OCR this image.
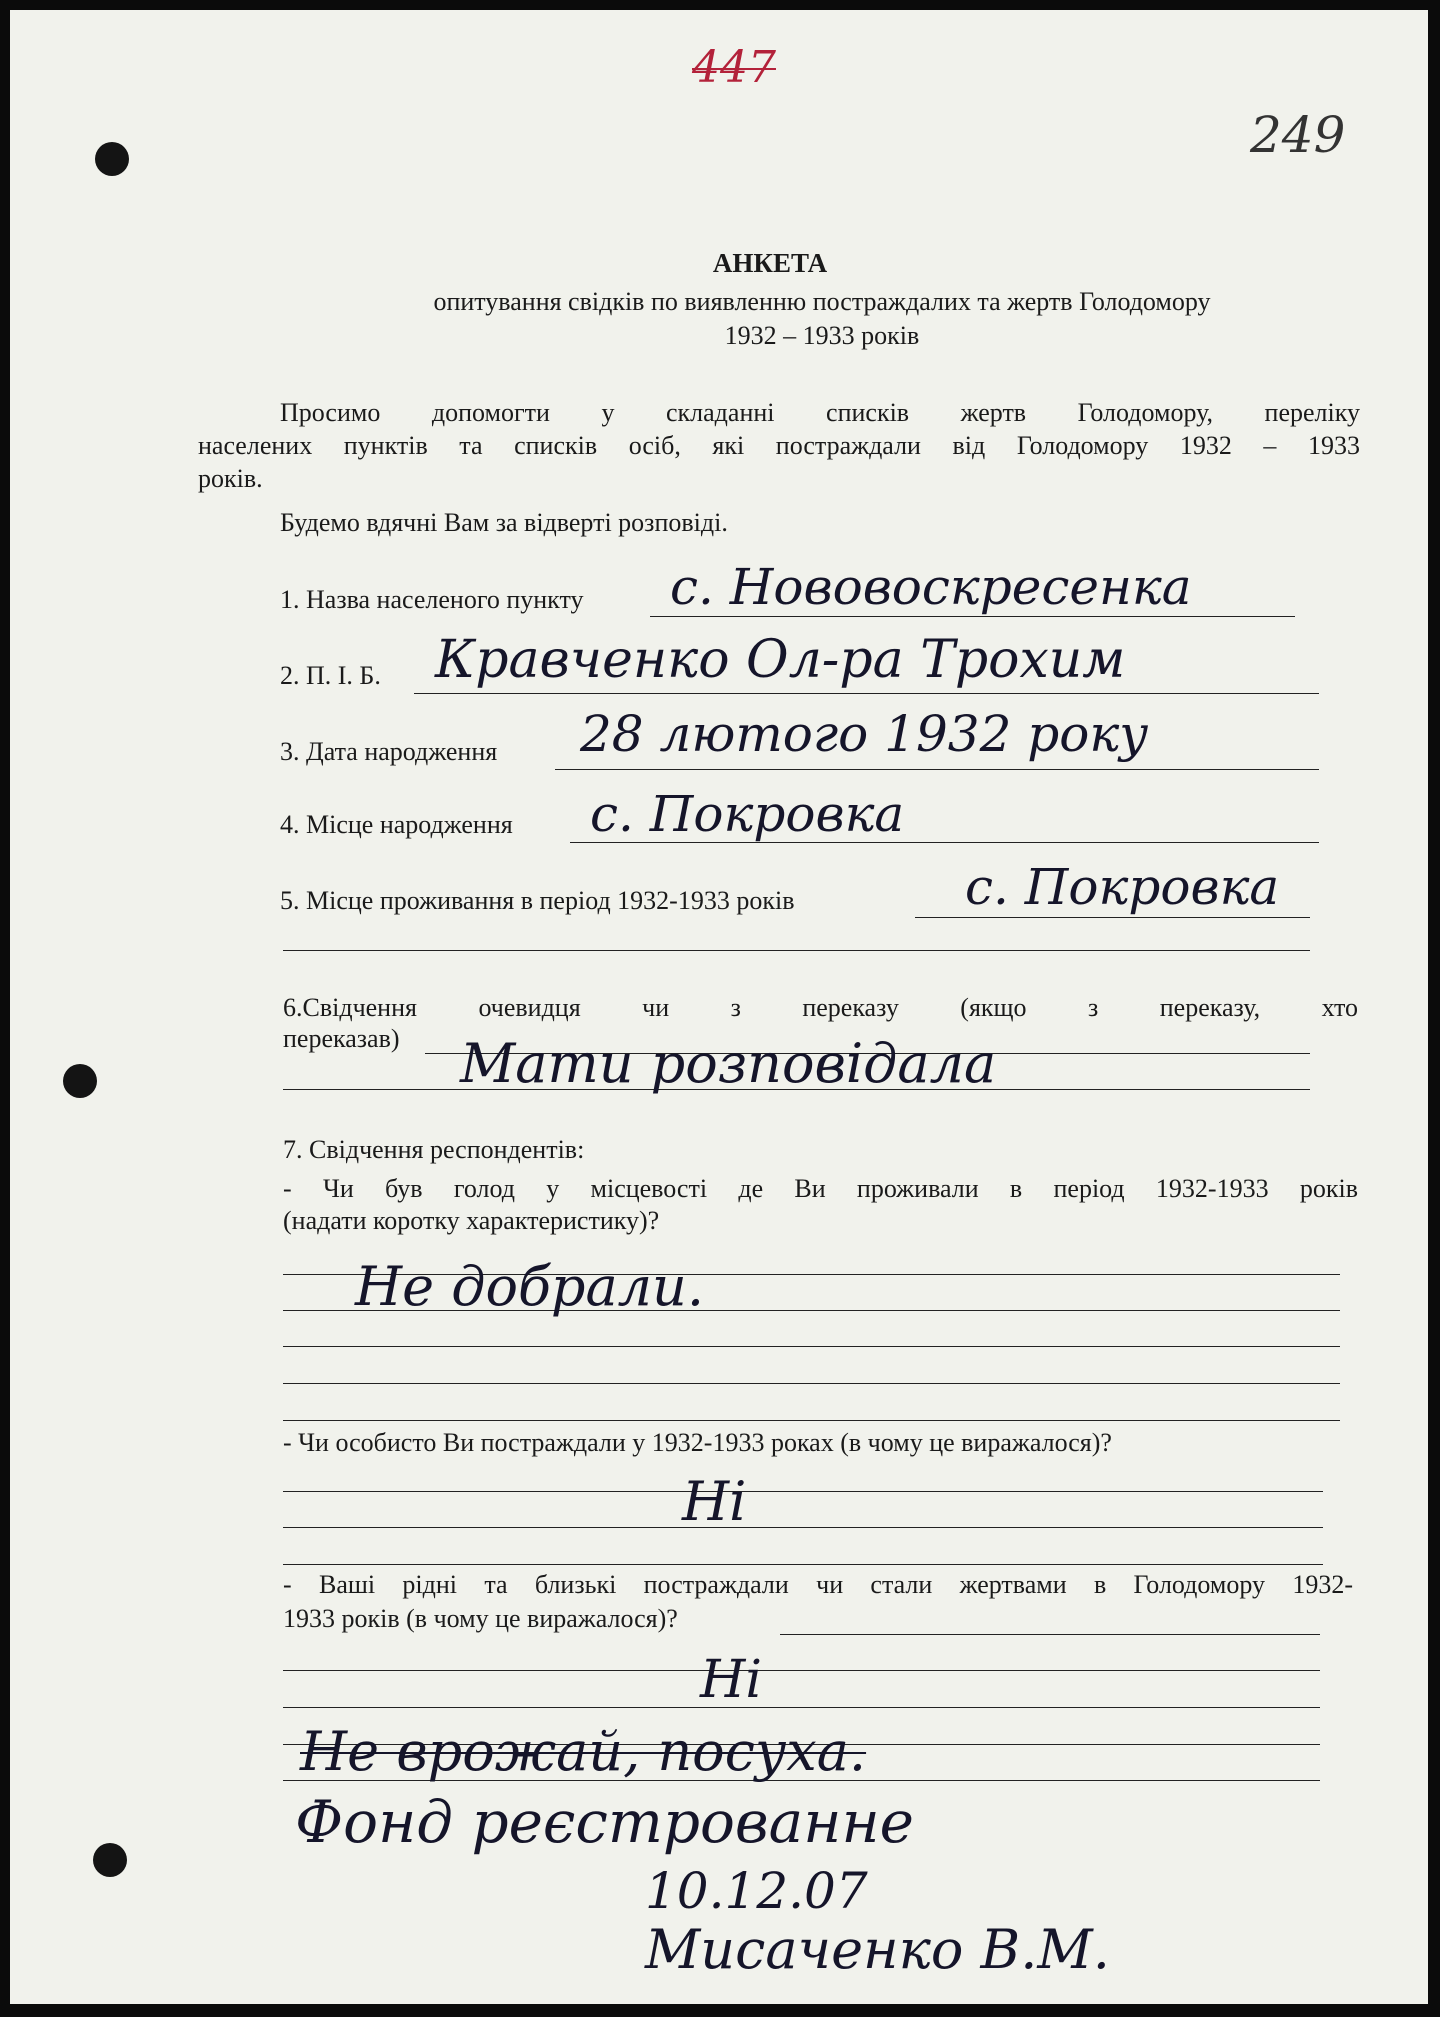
447
249
АНКЕТА
опитування свідків по виявленню постраждалих та жертв Голодомору
1932 – 1933 років
Просимо допомогти у складанні списків жертв Голодомору, переліку
населених пунктів та списків осіб, які постраждали від Голодомору 1932 – 1933
років.
Будемо вдячні Вам за відверті розповіді.
1. Назва населеного пункту с. Нововоскресенка
2. П. І. Б. Кравченко Ол-ра Трохим
3. Дата народження 28 лютого 1932 року
4. Місце народження с. Покровка
5. Місце проживання в період 1932-1933 років	с. Покровка
6.Свідчення очевидця чи з переказу (якщо з переказу, хто
переказав) Мати розповідала
7. Свідчення респондентів:
- Чи був голод у місцевості де Ви проживали в період 1932-1933 років
(надати коротку характеристику)?
Не добрали.
- Чи особисто Ви постраждали у 1932-1933 роках (в чому це виражалося)?
Ні
- Ваші рідні та близькі постраждали чи стали жертвами в Голодомору 1932-
1933 років (в чому це виражалося)?
Ні
Не врожай, посуха.
Фонд реєстрованне
10.12.07
Мисаченко В.М.
